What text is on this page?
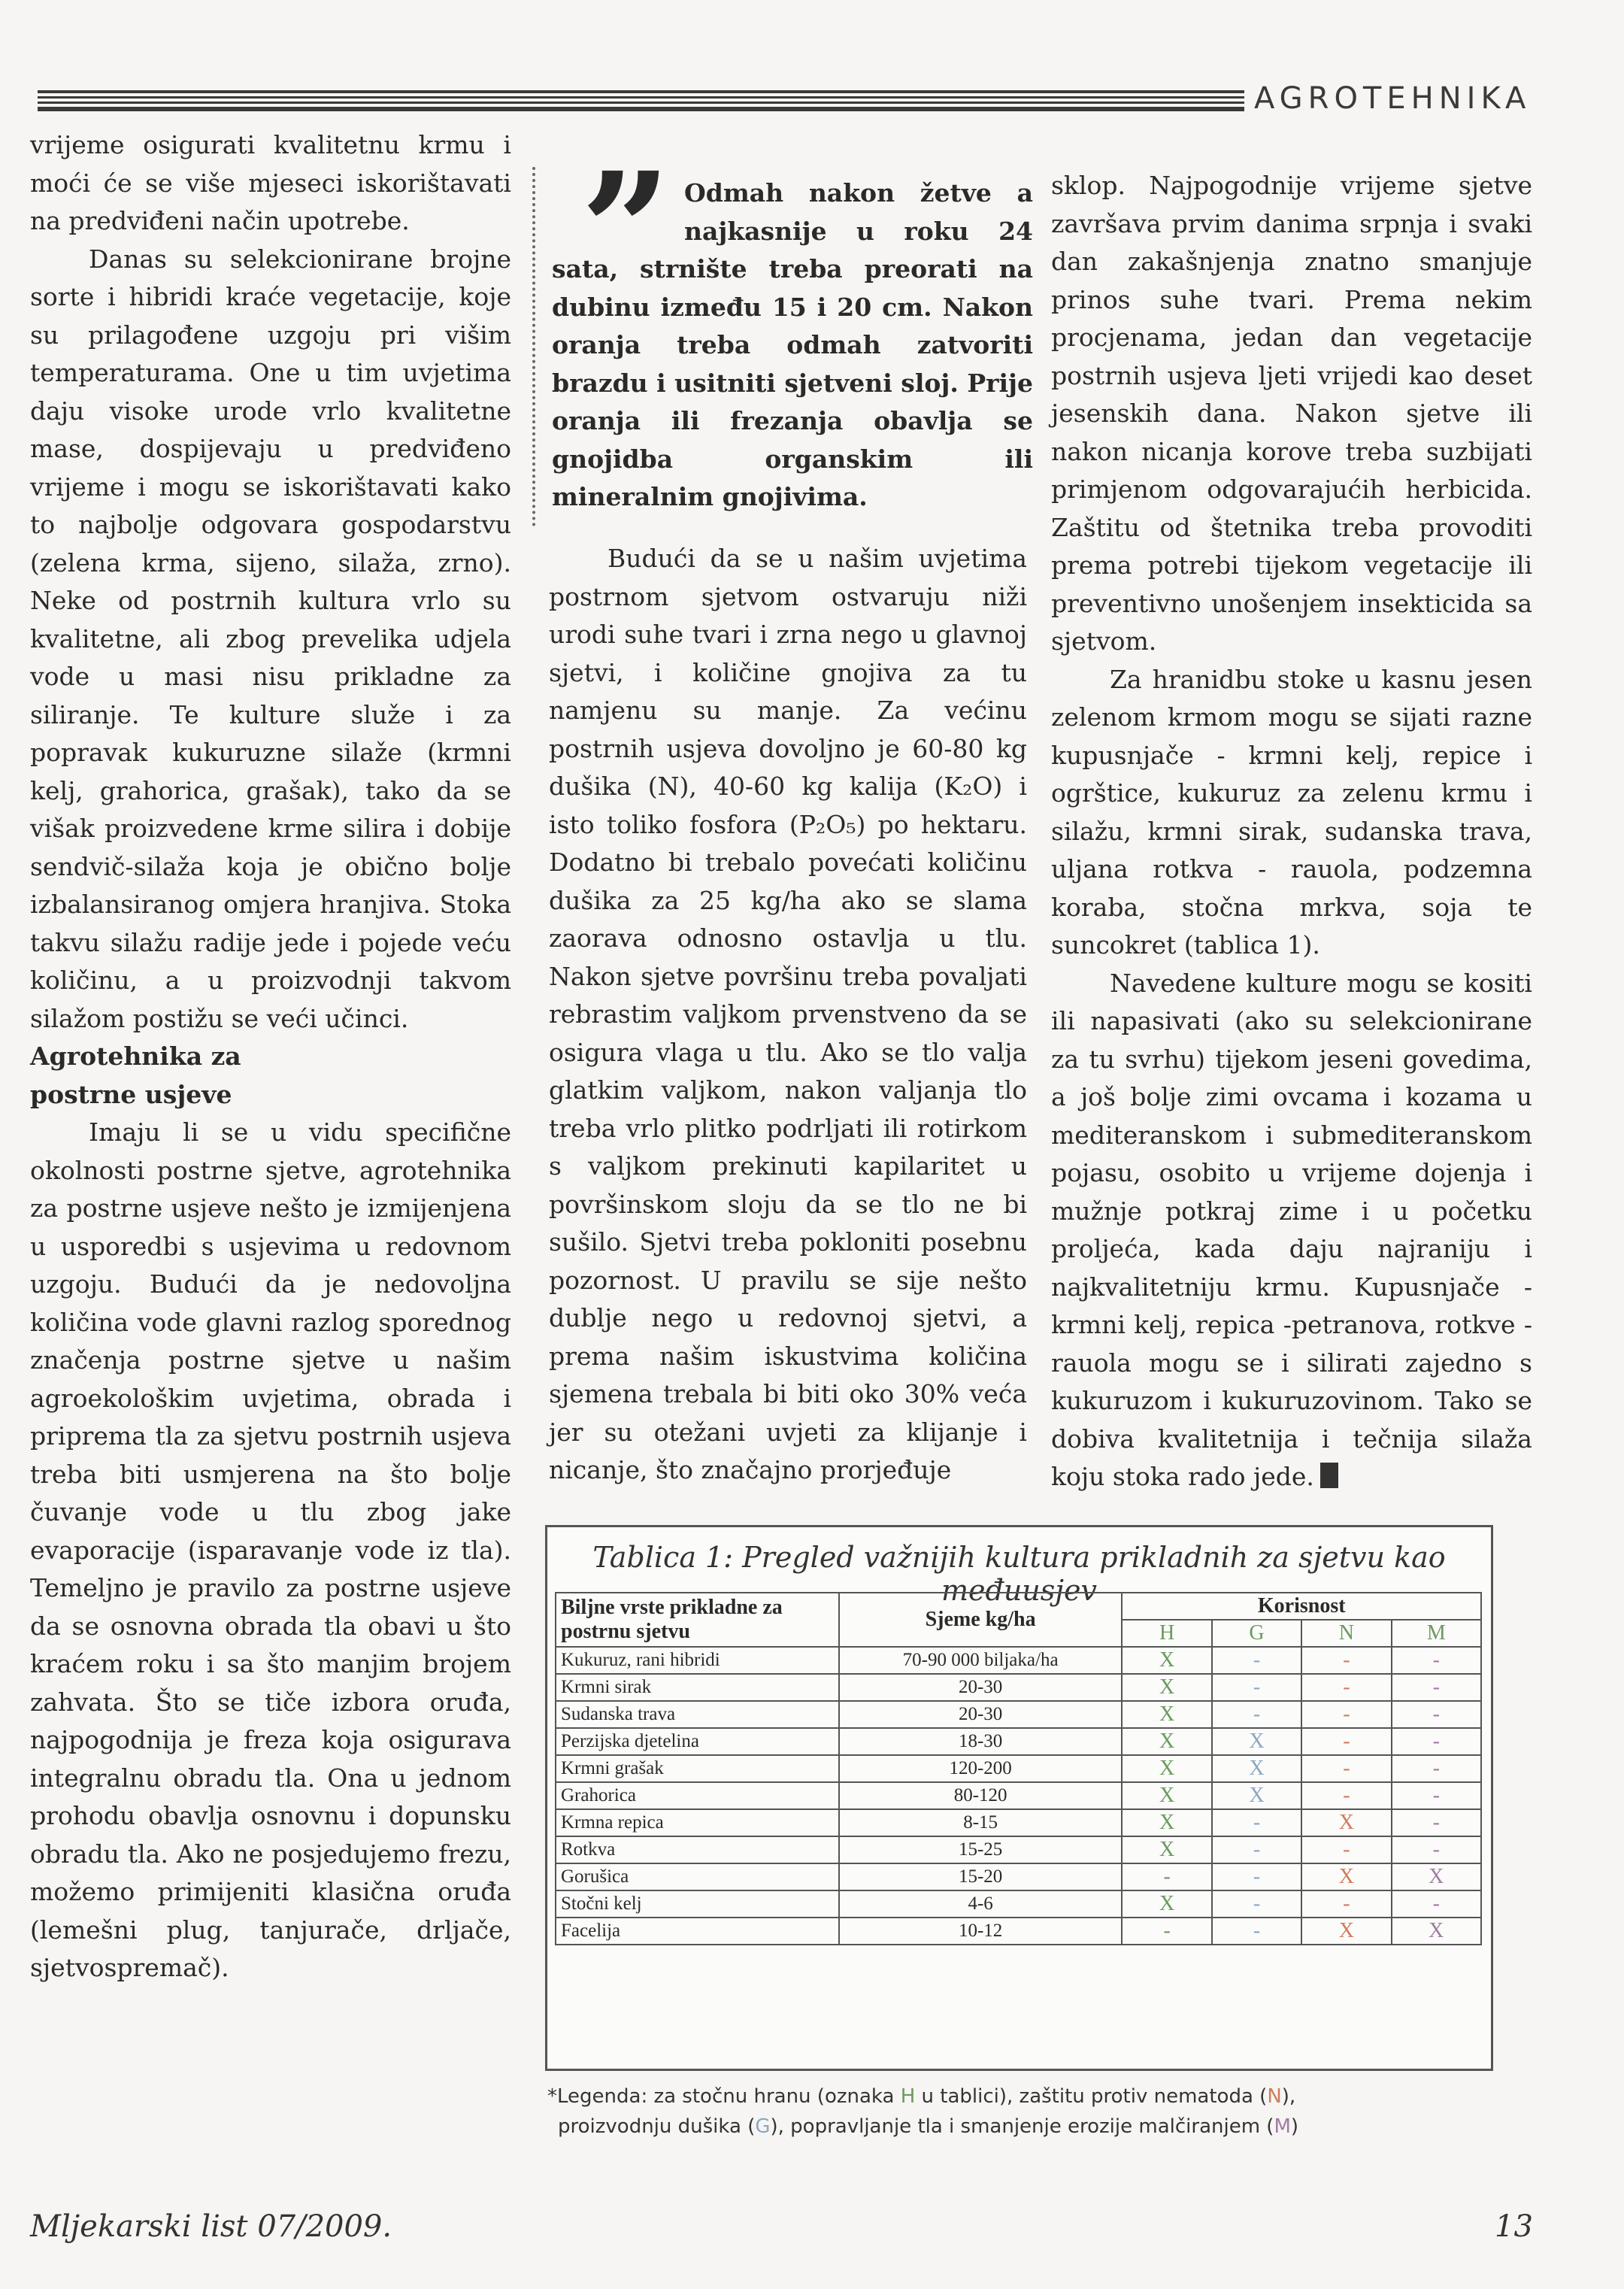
AGROTEHNIKA

vrijeme osigurati kvalitetnu krmu i moći će se više mjeseci iskorištavati na predviđeni način upotrebe.

Danas su selekcionirane brojne sorte i hibridi kraće vegetacije, koje su prilagođene uzgoju pri višim temperaturama. One u tim uvjetima daju visoke urode vrlo kvalitetne mase, dospijevaju u predviđeno vrijeme i mogu se iskorištavati kako to najbolje odgovara gospodarstvu (zelena krma, sijeno, silaža, zrno). Neke od postrnih kultura vrlo su kvalitetne, ali zbog prevelika udjela vode u masi nisu prikladne za siliranje. Te kulture služe i za popravak kukuruzne silaže (krmni kelj, grahorica, grašak), tako da se višak proizvedene krme silira i dobije sendvič-silaža koja je obično bolje izbalansiranog omjera hranjiva. Stoka takvu silažu radije jede i pojede veću količinu, a u proizvodnji takvom silažom postižu se veći učinci.

Agrotehnika za

postrne usjeve

Imaju li se u vidu specifične okolnosti postrne sjetve, agrotehnika za postrne usjeve nešto je izmijenjena u usporedbi s usjevima u redovnom uzgoju. Budući da je nedovoljna količina vode glavni razlog sporednog značenja postrne sjetve u našim agroekološkim uvjetima, obrada i priprema tla za sjetvu postrnih usjeva treba biti usmjerena na što bolje čuvanje vode u tlu zbog jake evaporacije (isparavanje vode iz tla). Temeljno je pravilo za postrne usjeve da se osnovna obrada tla obavi u što kraćem roku i sa što manjim brojem zahvata. Što se tiče izbora oruđa, najpogodnija je freza koja osigurava integralnu obradu tla. Ona u jednom prohodu obavlja osnovnu i dopunsku obradu tla. Ako ne posjedujemo frezu, možemo primijeniti klasična oruđa (lemešni plug, tanjurače, drljače, sjetvospremač).

” Odmah nakon žetve a najkasnije u roku 24 sata, strnište treba preorati na dubinu između 15 i 20 cm. Nakon oranja treba odmah zatvoriti brazdu i usitniti sjetveni sloj. Prije oranja ili frezanja obavlja se gnojidba organskim ili mineralnim gnojivima.

Budući da se u našim uvjetima postrnom sjetvom ostvaruju niži urodi suhe tvari i zrna nego u glavnoj sjetvi, i količine gnojiva za tu namjenu su manje. Za većinu postrnih usjeva dovoljno je 60-80 kg dušika (N), 40-60 kg kalija (K₂O) i isto toliko fosfora (P₂O₅) po hektaru. Dodatno bi trebalo povećati količinu dušika za 25 kg/ha ako se slama zaorava odnosno ostavlja u tlu. Nakon sjetve površinu treba povaljati rebrastim valjkom prvenstveno da se osigura vlaga u tlu. Ako se tlo valja glatkim valjkom, nakon valjanja tlo treba vrlo plitko podrljati ili rotirkom s valjkom prekinuti kapilaritet u površinskom sloju da se tlo ne bi sušilo. Sjetvi treba pokloniti posebnu pozornost. U pravilu se sije nešto dublje nego u redovnoj sjetvi, a prema našim iskustvima količina sjemena trebala bi biti oko 30% veća jer su otežani uvjeti za klijanje i nicanje, što značajno prorjeđuje

sklop. Najpogodnije vrijeme sjetve završava prvim danima srpnja i svaki dan zakašnjenja znatno smanjuje prinos suhe tvari. Prema nekim procjenama, jedan dan vegetacije postrnih usjeva ljeti vrijedi kao deset jesenskih dana. Nakon sjetve ili nakon nicanja korove treba suzbijati primjenom odgovarajućih herbicida. Zaštitu od štetnika treba provoditi prema potrebi tijekom vegetacije ili preventivno unošenjem insekticida sa sjetvom.

Za hranidbu stoke u kasnu jesen zelenom krmom mogu se sijati razne kupusnjače - krmni kelj, repice i ogrštice, kukuruz za zelenu krmu i silažu, krmni sirak, sudanska trava, uljana rotkva - rauola, podzemna koraba, stočna mrkva, soja te suncokret (tablica 1).

Navedene kulture mogu se kositi ili napasivati (ako su selekcionirane za tu svrhu) tijekom jeseni govedima, a još bolje zimi ovcama i kozama u mediteranskom i submediteranskom pojasu, osobito u vrijeme dojenja i mužnje potkraj zime i u početku proljeća, kada daju najraniju i najkvalitetniju krmu. Kupusnjače - krmni kelj, repica -petranova, rotkve - rauola mogu se i silirati zajedno s kukuruzom i kukuruzovinom. Tako se dobiva kvalitetnija i tečnija silaža koju stoka rado jede.

Tablica 1: Pregled važnijih kultura prikladnih za sjetvu kao međuusjev
Biljne vrste prikladne za postrnu sjetvu	Sjeme kg/ha	Korisnost			
		H	G	N	M
Kukuruz, rani hibridi	70-90 000 biljaka/ha	X	-	-	-
Krmni sirak	20-30	X	-	-	-
Sudanska trava	20-30	X	-	-	-
Perzijska djetelina	18-30	X	X	-	-
Krmni grašak	120-200	X	X	-	-
Grahorica	80-120	X	X	-	-
Krmna repica	8-15	X	-	X	-
Rotkva	15-25	X	-	-	-
Gorušica	15-20	-	-	X	X
Stočni kelj	4-6	X	-	-	-
Facelija	10-12	-	-	X	X
*Legenda: za stočnu hranu (oznaka H u tablici), zaštitu protiv nematoda (N),
proizvodnju dušika (G), popravljanje tla i smanjenje erozije malčiranjem (M)
Mljekarski list 07/2009.	13
